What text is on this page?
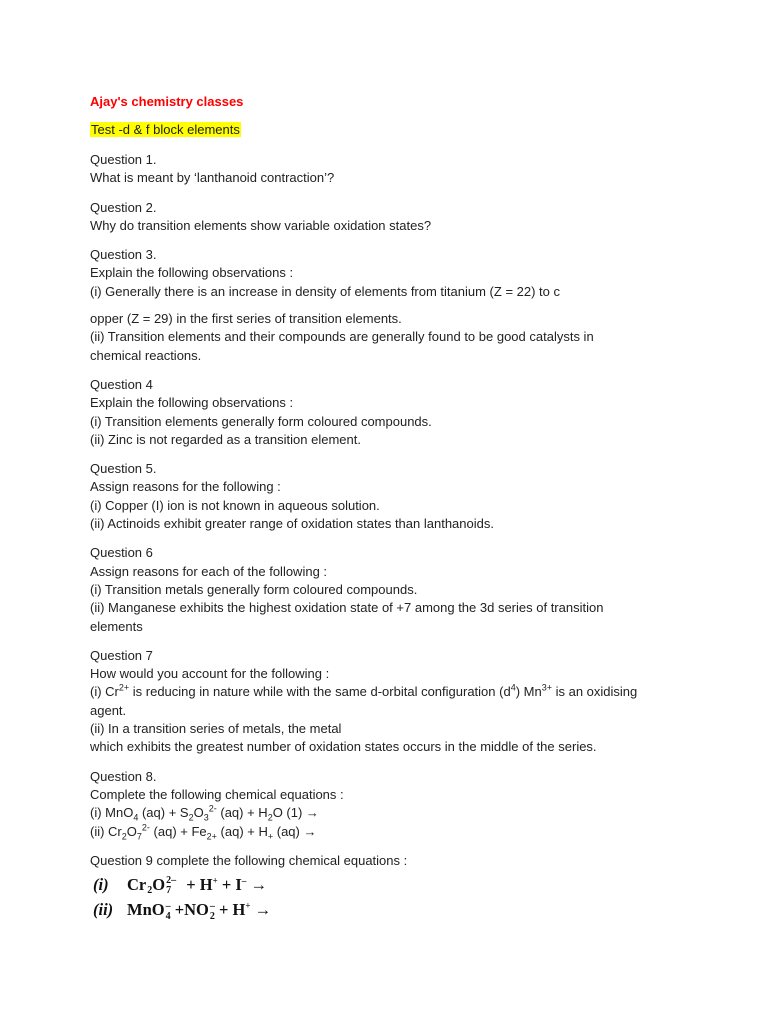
Ajay's chemistry classes
Test -d & f block elements
Question 1.
What is meant by ‘lanthanoid contraction’?
Question 2.
Why do transition elements show variable oxidation states?
Question 3.
Explain the following observations :
(i) Generally there is an increase in density of elements from titanium (Z = 22) to c
opper (Z = 29) in the first series of transition elements.
(ii) Transition elements and their compounds are generally found to be good catalysts in
chemical reactions.
Question 4
Explain the following observations :
(i) Transition elements generally form coloured compounds.
(ii) Zinc is not regarded as a transition element.
Question 5.
Assign reasons for the following :
(i) Copper (I) ion is not known in aqueous solution.
(ii) Actinoids exhibit greater range of oxidation states than lanthanoids.
Question 6
Assign reasons for each of the following :
(i) Transition metals generally form coloured compounds.
(ii) Manganese exhibits the highest oxidation state of +7 among the 3d series of transition
elements
Question 7
How would you account for the following :
(i) $Cr^{2+}$ is reducing in nature while with the same d-orbital configuration $(d^4)$ $Mn^{3+}$ is an oxidising
agent.
(ii) In a transition series of metals, the metal
which exhibits the greatest number of oxidation states occurs in the middle of the series.
Question 8.
Complete the following chemical equations :
(i) MnO$_4$ $(aq) + S_2O_3^{2-}$ $(aq) + H_2O$ (1) →
(ii) $Cr_2O_7^{2-}$ $(aq) + Fe_{2+}$ $(aq) + H_+$ (aq) →
Question 9 complete the following chemical equations :
(i) Cr 2 O 2–
7 + H+ + I– →
(ii) MnO –
4 +NO –
2 + H+ →
